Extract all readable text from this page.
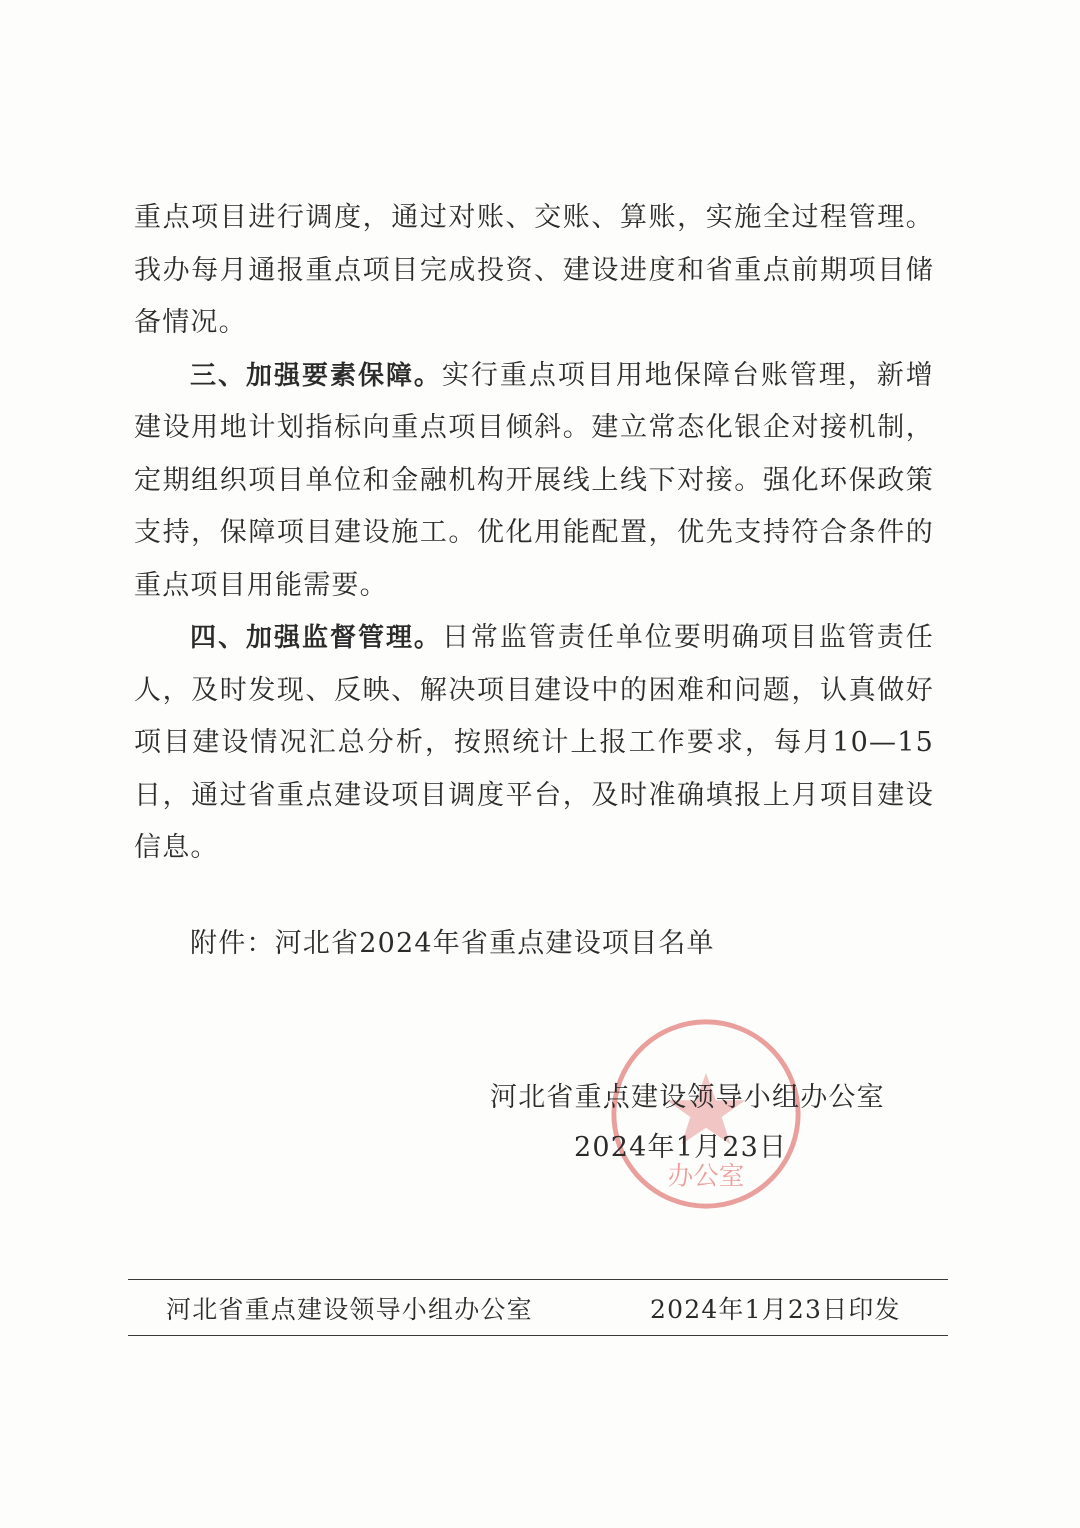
重点项目进行调度，通过对账、交账、算账，实施全过程管理。我办每月通报重点项目完成投资、建设进度和省重点前期项目储备情况。

三、加强要素保障。实行重点项目用地保障台账管理，新增建设用地计划指标向重点项目倾斜。建立常态化银企对接机制，定期组织项目单位和金融机构开展线上线下对接。强化环保政策支持，保障项目建设施工。优化用能配置，优先支持符合条件的重点项目用能需要。

四、加强监督管理。日常监管责任单位要明确项目监管责任人，及时发现、反映、解决项目建设中的困难和问题，认真做好项目建设情况汇总分析，按照统计上报工作要求，每月10—15日，通过省重点建设项目调度平台，及时准确填报上月项目建设信息。

附件：河北省2024年省重点建设项目名单
办公室
河北省重点建设领导小组办公室
2024年1月23日
河北省重点建设领导小组办公室	2024年1月23日印发
